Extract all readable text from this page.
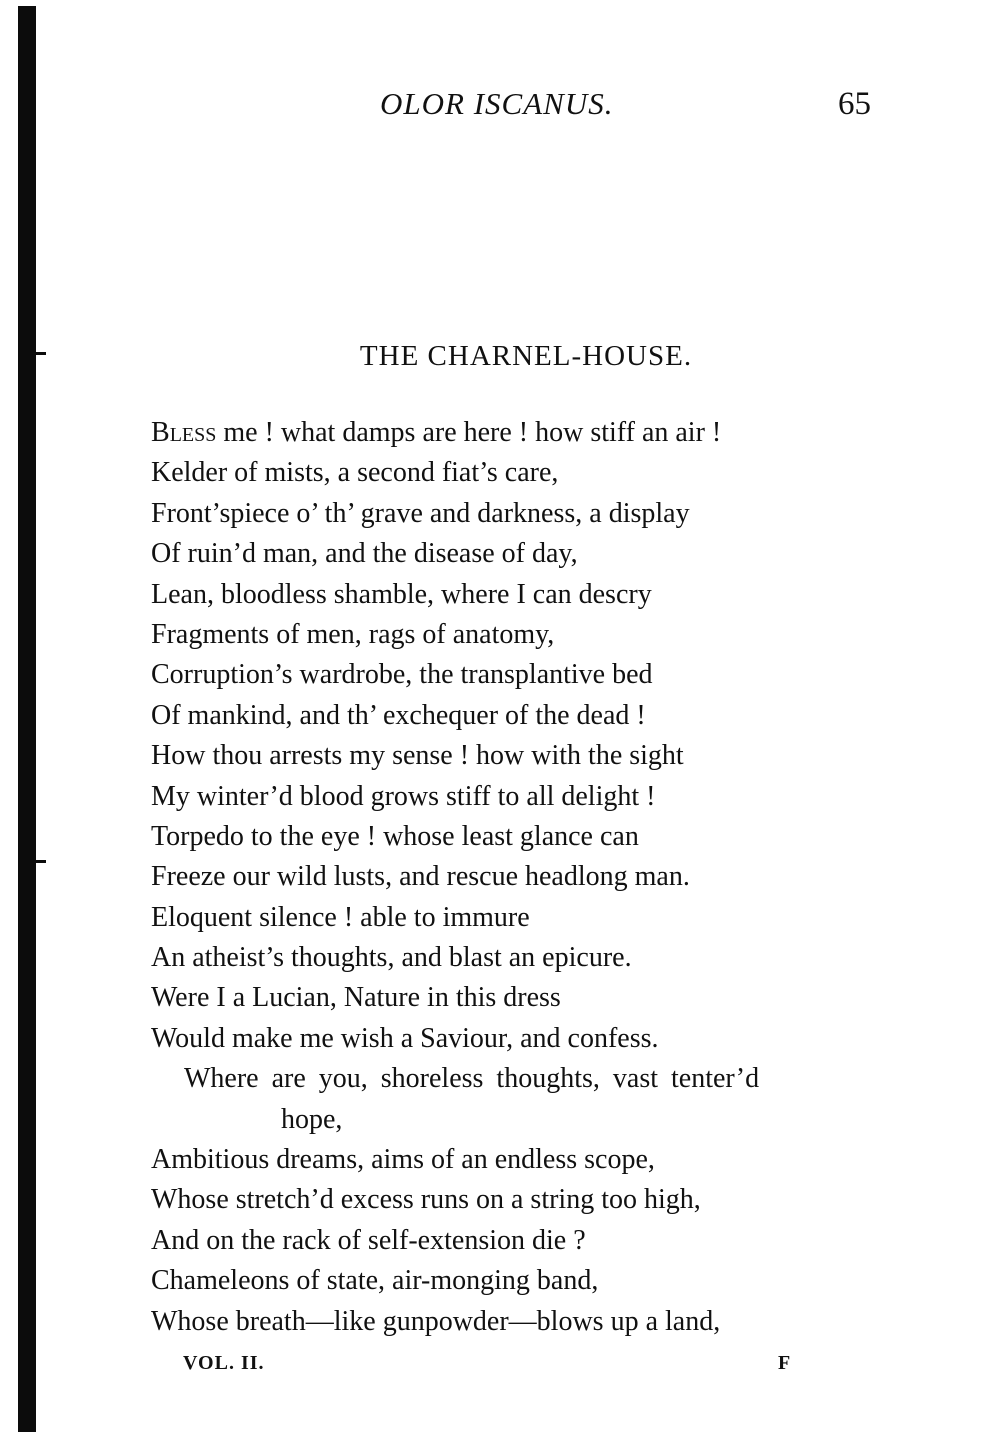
OLOR ISCANUS.	65
THE CHARNEL-HOUSE.
Bless me ! what damps are here ! how stiff an air !
Kelder of mists, a second fiat’s care,
Front’spiece o’ th’ grave and darkness, a display
Of ruin’d man, and the disease of day,
Lean, bloodless shamble, where I can descry
Fragments of men, rags of anatomy,
Corruption’s wardrobe, the transplantive bed
Of mankind, and th’ exchequer of the dead !
How thou arrests my sense ! how with the sight
My winter’d blood grows stiff to all delight !
Torpedo to the eye ! whose least glance can
Freeze our wild lusts, and rescue headlong man.
Eloquent silence ! able to immure
An atheist’s thoughts, and blast an epicure.
Were I a Lucian, Nature in this dress
Would make me wish a Saviour, and confess.
Where are you, shoreless thoughts, vast tenter’d
hope,
Ambitious dreams, aims of an endless scope,
Whose stretch’d excess runs on a string too high,
And on the rack of self-extension die ?
Chameleons of state, air-monging band,
Whose breath—like gunpowder—blows up a land,
VOL. II.	F
